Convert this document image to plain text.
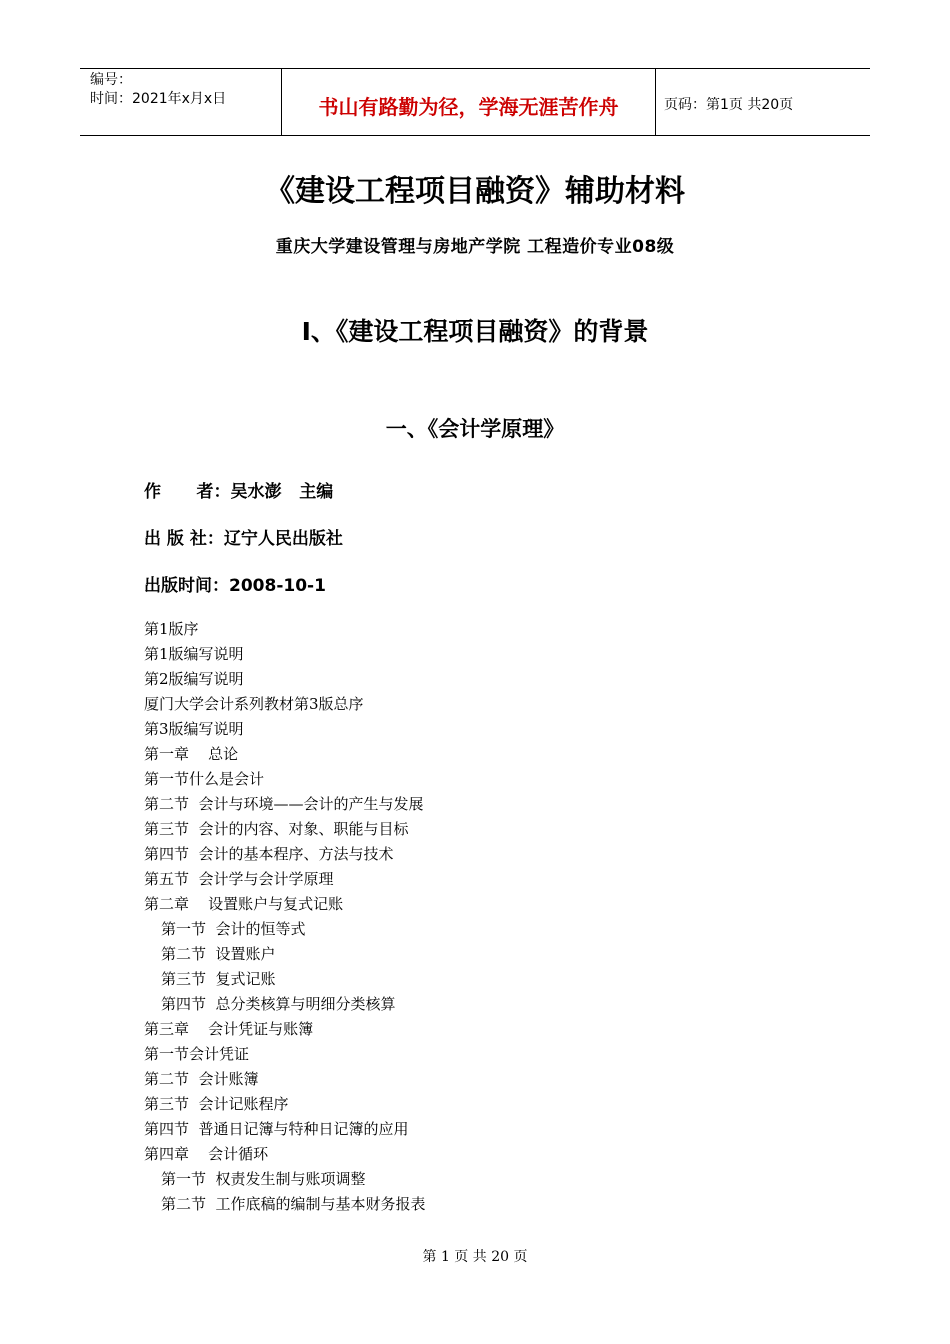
编号：
时间：2021年x月x日	书山有路勤为径，学海无涯苦作舟	页码：第1页 共20页
《建设工程项目融资》辅助材料
重庆大学建设管理与房地产学院 工程造价专业08级
Ⅰ、《建设工程项目融资》的背景
一、《会计学原理》
作      者：吴水澎   主编
出 版 社：辽宁人民出版社
出版时间：2008-10-1
第1版序
第1版编写说明
第2版编写说明
厦门大学会计系列教材第3版总序
第3版编写说明
第一章    总论
第一节什么是会计
第二节  会计与环境——会计的产生与发展
第三节  会计的内容、对象、职能与目标
第四节  会计的基本程序、方法与技术
第五节  会计学与会计学原理
第二章    设置账户与复式记账
第一节  会计的恒等式
第二节  设置账户
第三节  复式记账
第四节  总分类核算与明细分类核算
第三章    会计凭证与账簿
第一节会计凭证
第二节  会计账簿
第三节  会计记账程序
第四节  普通日记簿与特种日记簿的应用
第四章    会计循环
第一节  权责发生制与账项调整
第二节  工作底稿的编制与基本财务报表
第 1 页 共 20 页
